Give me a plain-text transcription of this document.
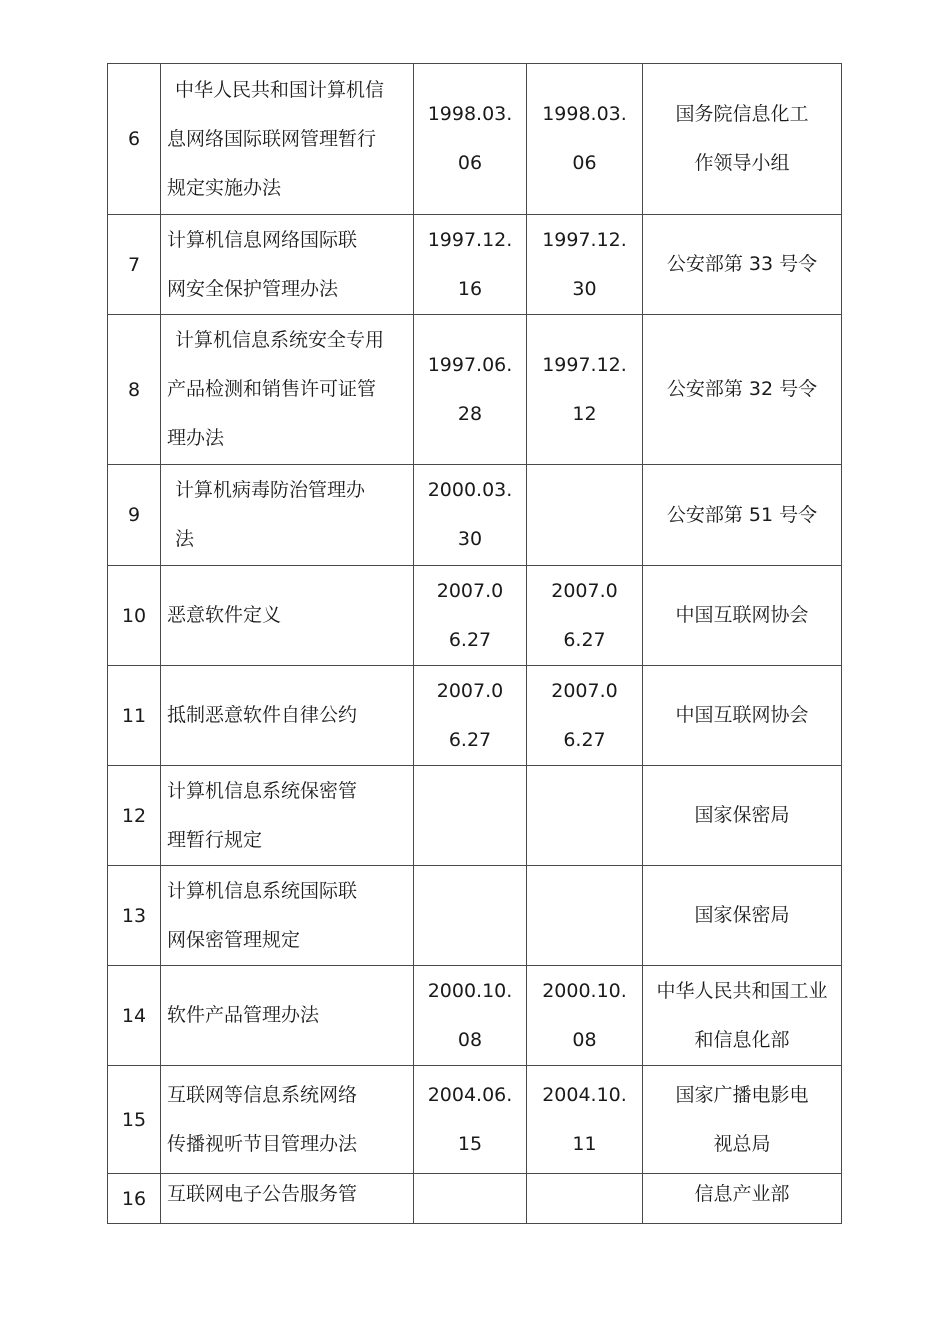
6	中华人民共和国计算机信
息网络国际联网管理暂行
规定实施办法	1998.03.
06	1998.03.
06	国务院信息化工
作领导小组

7	计算机信息网络国际联
网安全保护管理办法	1997.12.
16	1997.12.
30	公安部第 33 号令

8	计算机信息系统安全专用
产品检测和销售许可证管
理办法	1997.06.
28	1997.12.
12	公安部第 32 号令

9	计算机病毒防治管理办
法	2000.03.
30		公安部第 51 号令

10	恶意软件定义	2007.0
6.27	2007.0
6.27	中国互联网协会

11	抵制恶意软件自律公约	2007.0
6.27	2007.0
6.27	中国互联网协会

12	计算机信息系统保密管
理暂行规定			国家保密局

13	计算机信息系统国际联
网保密管理规定			国家保密局

14	软件产品管理办法	2000.10.
08	2000.10.
08	中华人民共和国工业
和信息化部

15	互联网等信息系统网络
传播视听节目管理办法	2004.06.
15	2004.10.
11	国家广播电影电
视总局

16	互联网电子公告服务管			信息产业部
